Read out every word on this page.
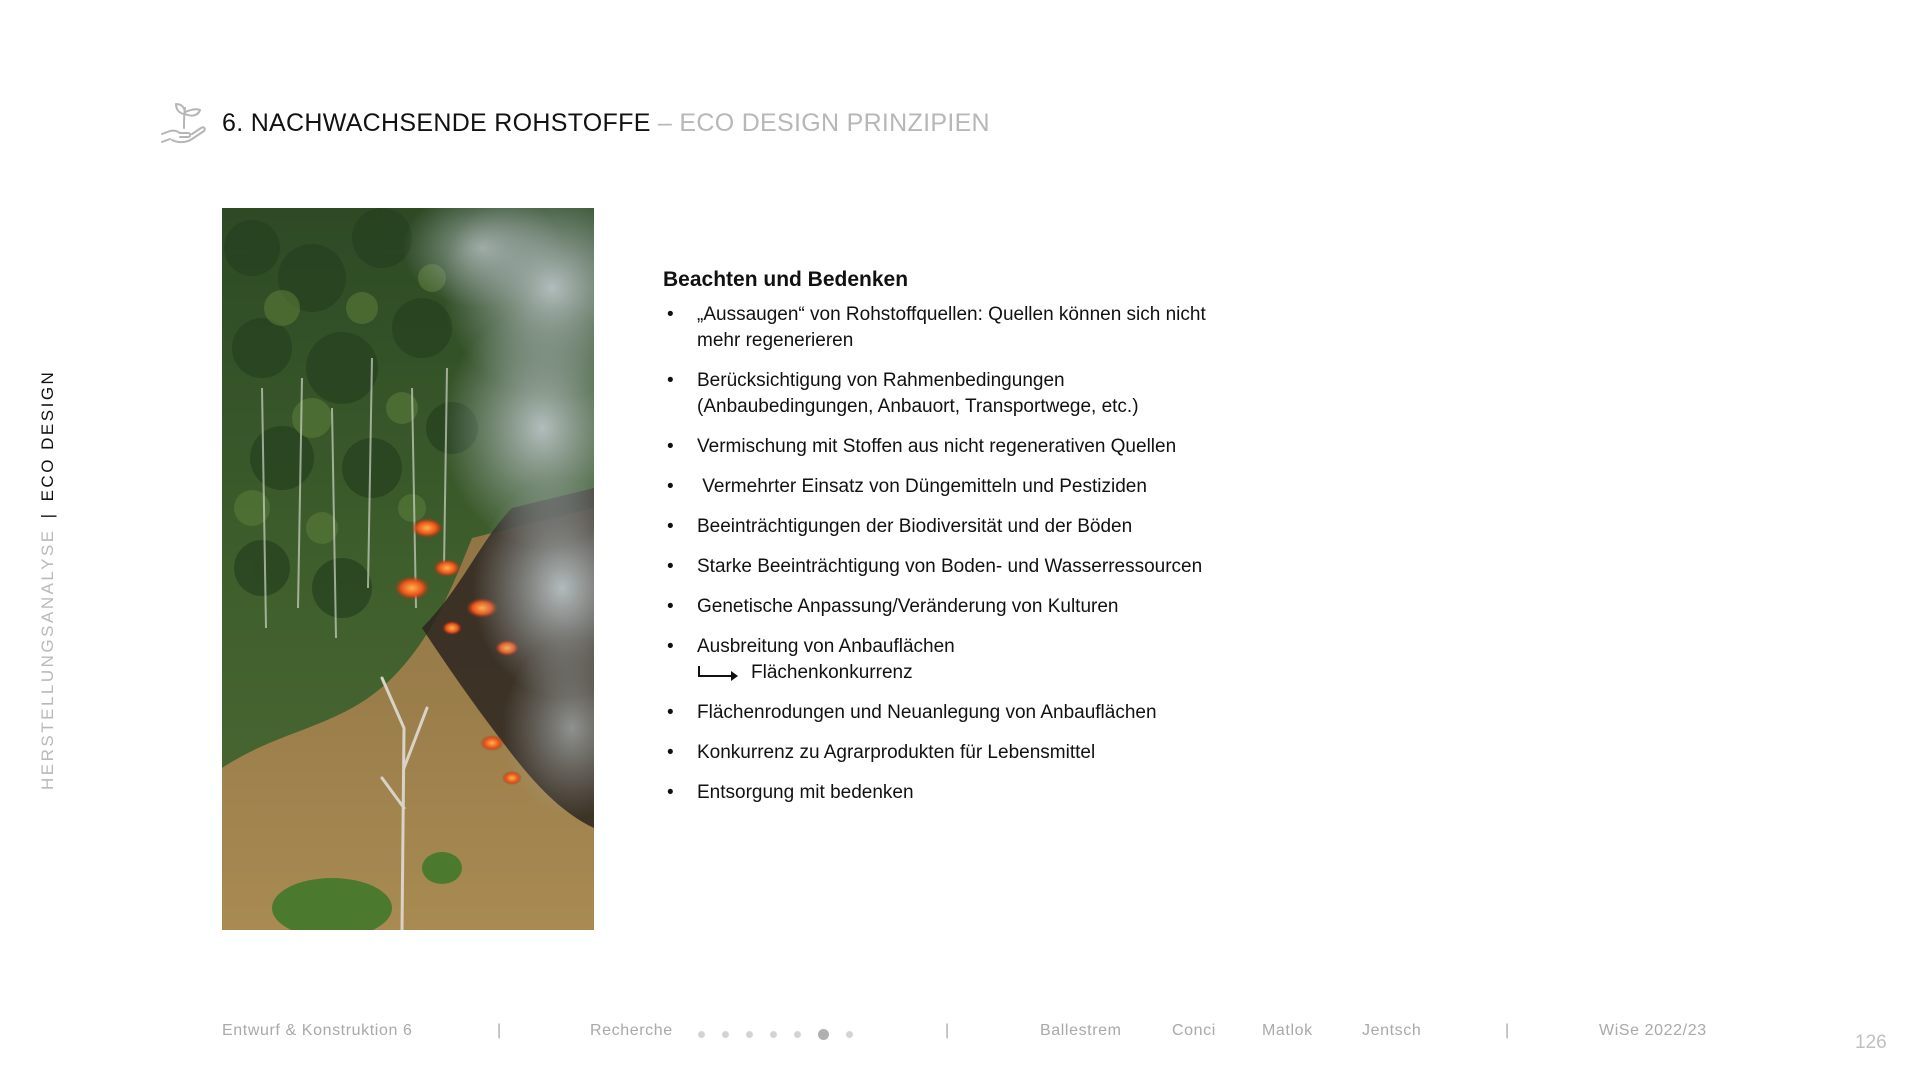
6. NACHWACHSENDE ROHSTOFFE – ECO DESIGN PRINZIPIEN
HERSTELLUNGSANALYSE|ECO DESIGN
Beachten und Bedenken
• „Aussaugen“ von Rohstoffquellen: Quellen können sich nicht
mehr regenerieren
• Berücksichtigung von Rahmenbedingungen
(Anbaubedingungen, Anbauort, Transportwege, etc.)
• Vermischung mit Stoffen aus nicht regenerativen Quellen
•  Vermehrter Einsatz von Düngemitteln und Pestiziden
• Beeinträchtigungen der Biodiversität und der Böden
• Starke Beeinträchtigung von Boden- und Wasserressourcen
• Genetische Anpassung/Veränderung von Kulturen
• Ausbreitung von Anbauflächen
Flächenkonkurrenz
• Flächenrodungen und Neuanlegung von Anbauflächen
• Konkurrenz zu Agrarprodukten für Lebensmittel
• Entsorgung mit bedenken
Entwurf & Konstruktion 6	|	Recherche	|	Ballestrem	Conci	Matlok	Jentsch	|	WiSe 2022/23
126
